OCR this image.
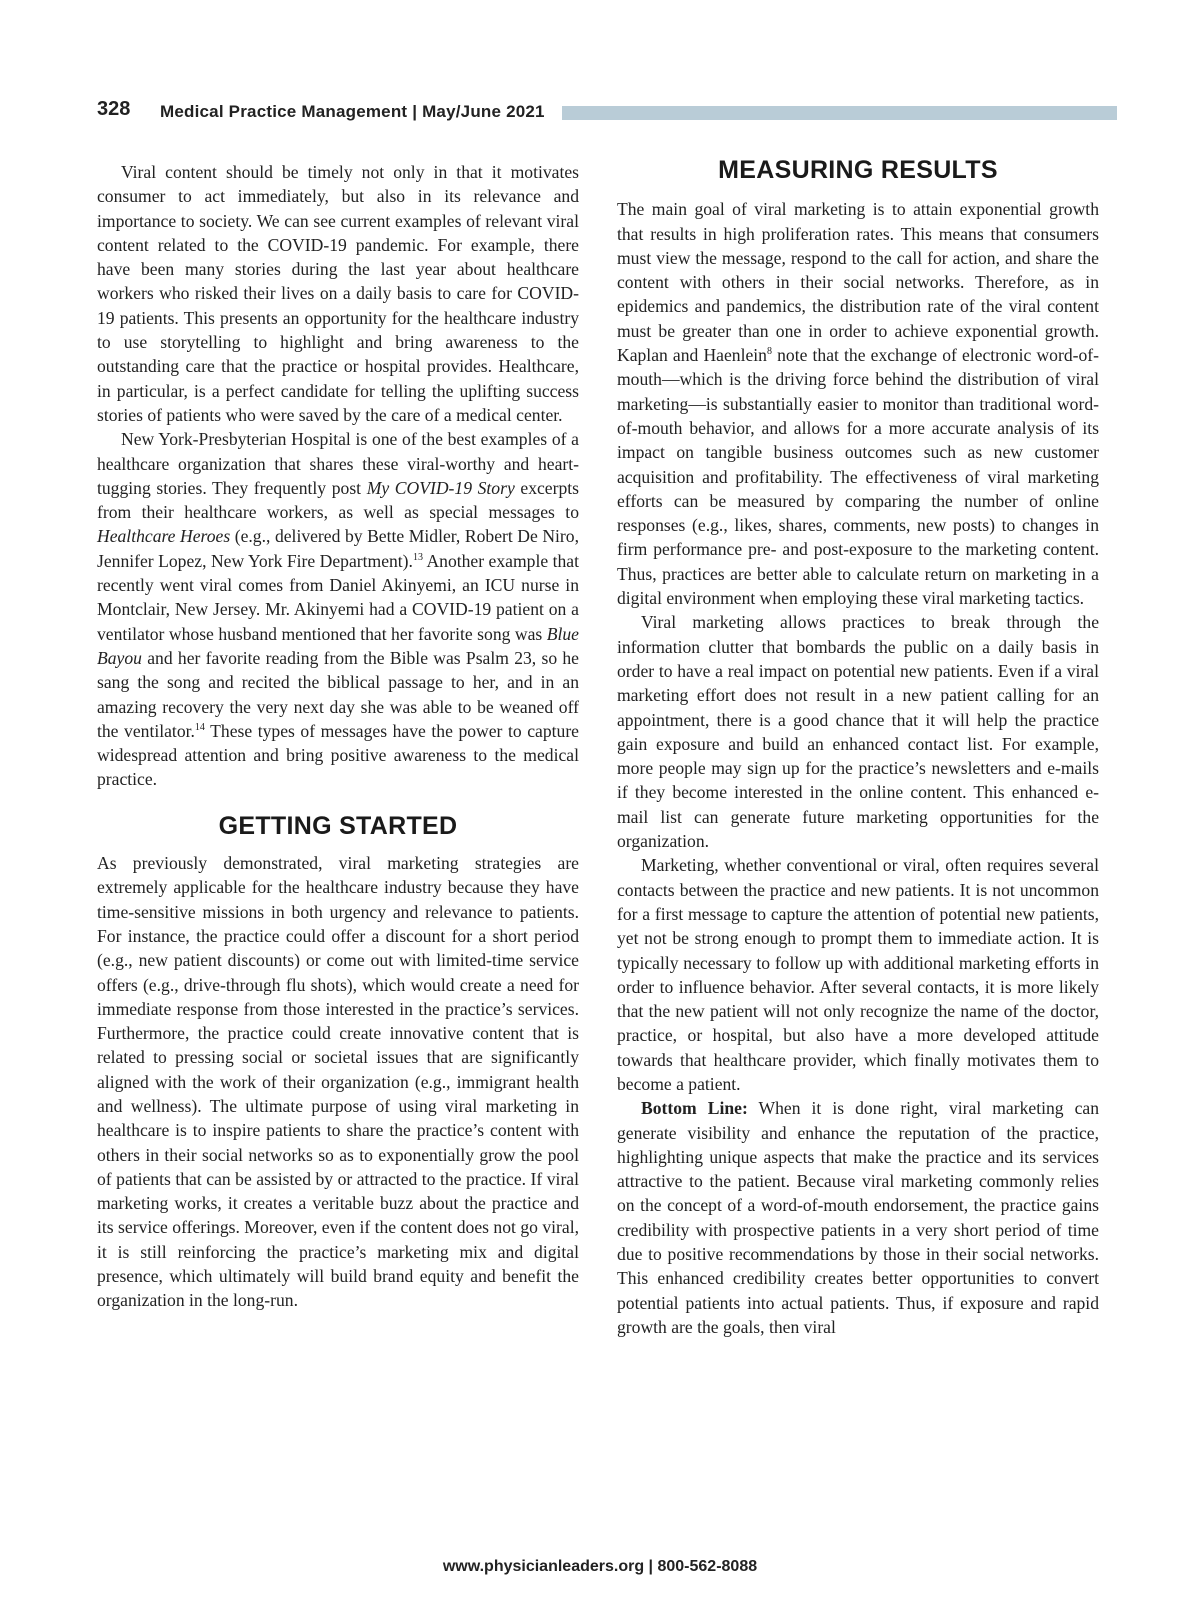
328 Medical Practice Management | May/June 2021

Viral content should be timely not only in that it motivates consumer to act immediately, but also in its relevance and importance to society. We can see current examples of relevant viral content related to the COVID-19 pandemic. For example, there have been many stories during the last year about healthcare workers who risked their lives on a daily basis to care for COVID-19 patients. This presents an opportunity for the healthcare industry to use storytelling to highlight and bring awareness to the outstanding care that the practice or hospital provides. Healthcare, in particular, is a perfect candidate for telling the uplifting success stories of patients who were saved by the care of a medical center.

New York-Presbyterian Hospital is one of the best examples of a healthcare organization that shares these viral-worthy and heart-tugging stories. They frequently post My COVID-19 Story excerpts from their healthcare workers, as well as special messages to Healthcare Heroes (e.g., delivered by Bette Midler, Robert De Niro, Jennifer Lopez, New York Fire Department).$^{13}$ Another example that recently went viral comes from Daniel Akinyemi, an ICU nurse in Montclair, New Jersey. Mr. Akinyemi had a COVID-19 patient on a ventilator whose husband mentioned that her favorite song was Blue Bayou and her favorite reading from the Bible was Psalm 23, so he sang the song and recited the biblical passage to her, and in an amazing recovery the very next day she was able to be weaned off the ventilator.$^{14}$ These types of messages have the power to capture widespread attention and bring positive awareness to the medical practice.

GETTING STARTED

As previously demonstrated, viral marketing strategies are extremely applicable for the healthcare industry because they have time-sensitive missions in both urgency and relevance to patients. For instance, the practice could offer a discount for a short period (e.g., new patient discounts) or come out with limited-time service offers (e.g., drive-through flu shots), which would create a need for immediate response from those interested in the practice’s services. Furthermore, the practice could create innovative content that is related to pressing social or societal issues that are significantly aligned with the work of their organization (e.g., immigrant health and wellness). The ultimate purpose of using viral marketing in healthcare is to inspire patients to share the practice’s content with others in their social networks so as to exponentially grow the pool of patients that can be assisted by or attracted to the practice. If viral marketing works, it creates a veritable buzz about the practice and its service offerings. Moreover, even if the content does not go viral, it is still reinforcing the practice’s marketing mix and digital presence, which ultimately will build brand equity and benefit the organization in the long-run.

MEASURING RESULTS

The main goal of viral marketing is to attain exponential growth that results in high proliferation rates. This means that consumers must view the message, respond to the call for action, and share the content with others in their social networks. Therefore, as in epidemics and pandemics, the distribution rate of the viral content must be greater than one in order to achieve exponential growth. Kaplan and Haenlein$^8$ note that the exchange of electronic word-of-mouth—which is the driving force behind the distribution of viral marketing—is substantially easier to monitor than traditional word-of-mouth behavior, and allows for a more accurate analysis of its impact on tangible business outcomes such as new customer acquisition and profitability. The effectiveness of viral marketing efforts can be measured by comparing the number of online responses (e.g., likes, shares, comments, new posts) to changes in firm performance pre- and post-exposure to the marketing content. Thus, practices are better able to calculate return on marketing in a digital environment when employing these viral marketing tactics.

Viral marketing allows practices to break through the information clutter that bombards the public on a daily basis in order to have a real impact on potential new patients. Even if a viral marketing effort does not result in a new patient calling for an appointment, there is a good chance that it will help the practice gain exposure and build an enhanced contact list. For example, more people may sign up for the practice’s newsletters and e-mails if they become interested in the online content. This enhanced e-mail list can generate future marketing opportunities for the organization.

Marketing, whether conventional or viral, often requires several contacts between the practice and new patients. It is not uncommon for a first message to capture the attention of potential new patients, yet not be strong enough to prompt them to immediate action. It is typically necessary to follow up with additional marketing efforts in order to influence behavior. After several contacts, it is more likely that the new patient will not only recognize the name of the doctor, practice, or hospital, but also have a more developed attitude towards that healthcare provider, which finally motivates them to become a patient.

Bottom Line: When it is done right, viral marketing can generate visibility and enhance the reputation of the practice, highlighting unique aspects that make the practice and its services attractive to the patient. Because viral marketing commonly relies on the concept of a word-of-mouth endorsement, the practice gains credibility with prospective patients in a very short period of time due to positive recommendations by those in their social networks. This enhanced credibility creates better opportunities to convert potential patients into actual patients. Thus, if exposure and rapid growth are the goals, then viral

www.physicianleaders.org | 800-562-8088
